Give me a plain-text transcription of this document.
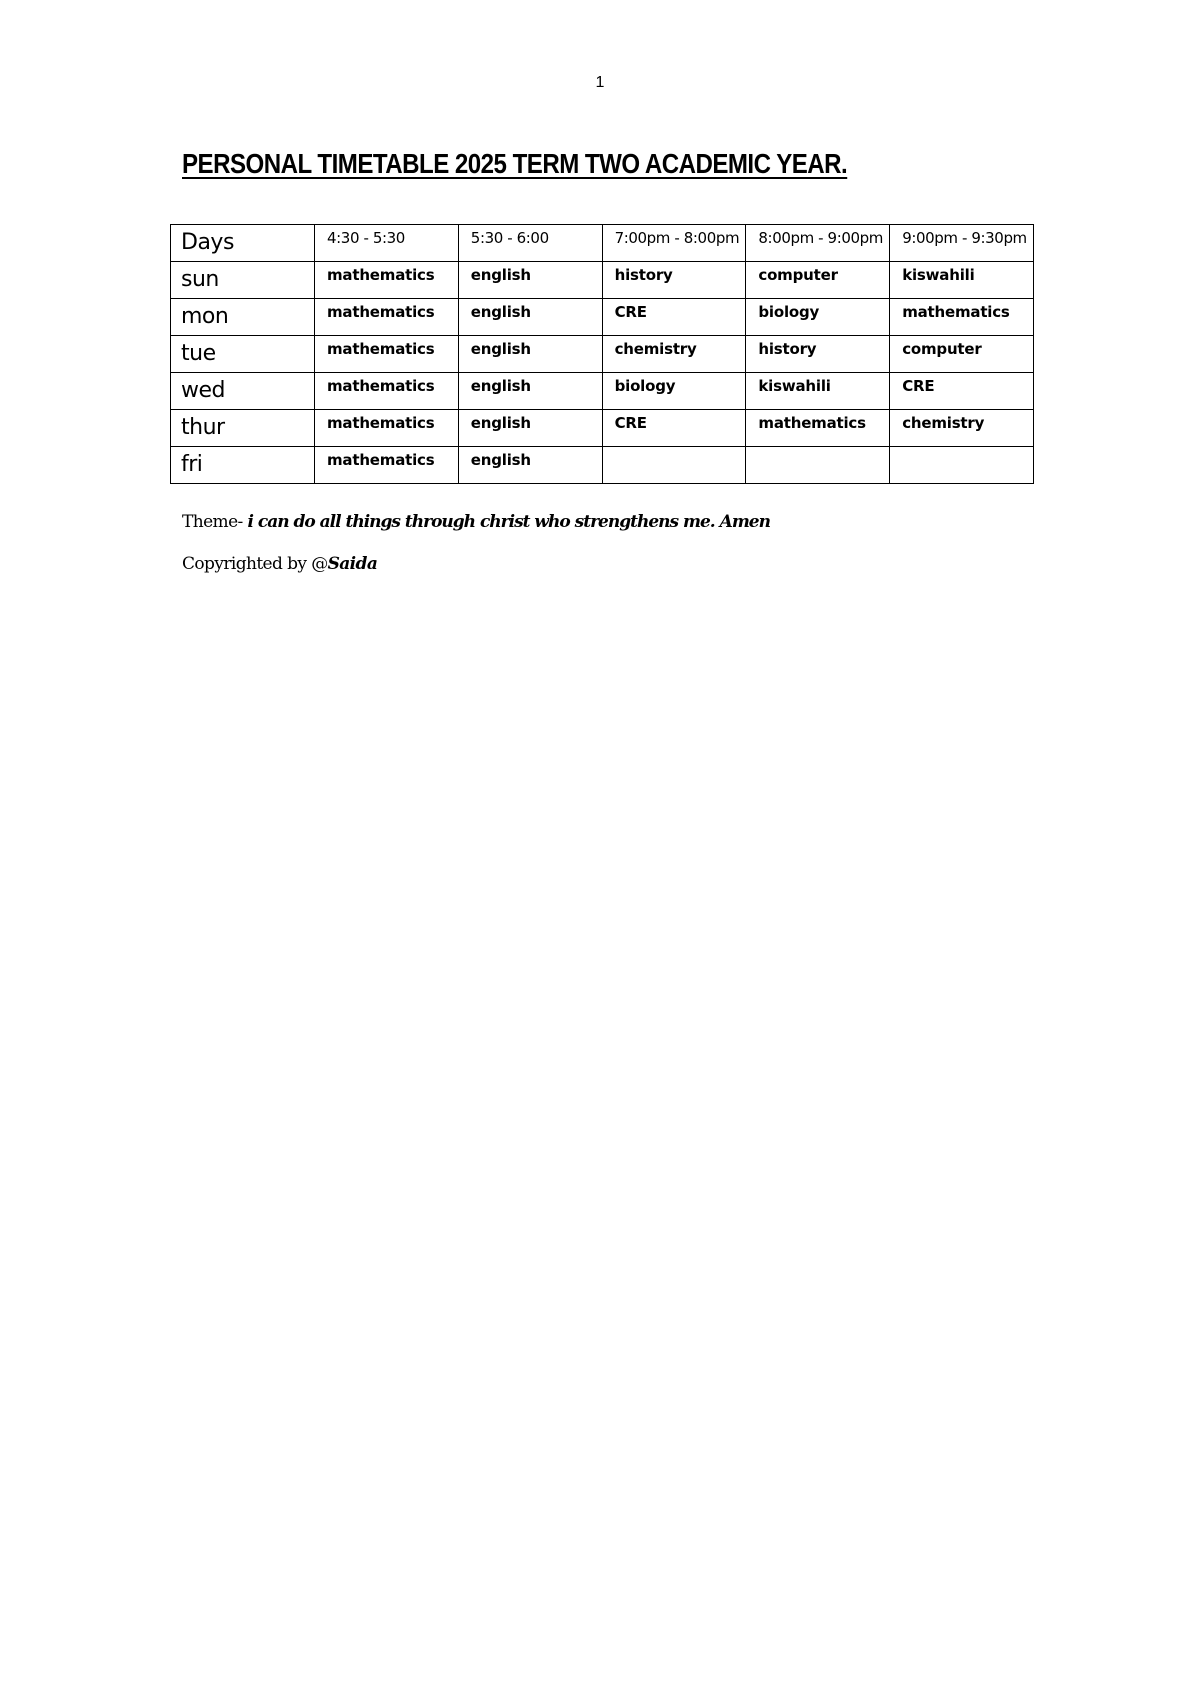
1
PERSONAL TIMETABLE 2025 TERM TWO ACADEMIC YEAR.
Days	4:30 - 5:30	5:30 - 6:00	7:00pm - 8:00pm	8:00pm - 9:00pm	9:00pm - 9:30pm
sun	mathematics	english	history	computer	kiswahili
mon	mathematics	english	CRE	biology	mathematics
tue	mathematics	english	chemistry	history	computer
wed	mathematics	english	biology	kiswahili	CRE
thur	mathematics	english	CRE	mathematics	chemistry
fri	mathematics	english			
Theme- i can do all things through christ who strengthens me. Amen
Copyrighted by @Saida
